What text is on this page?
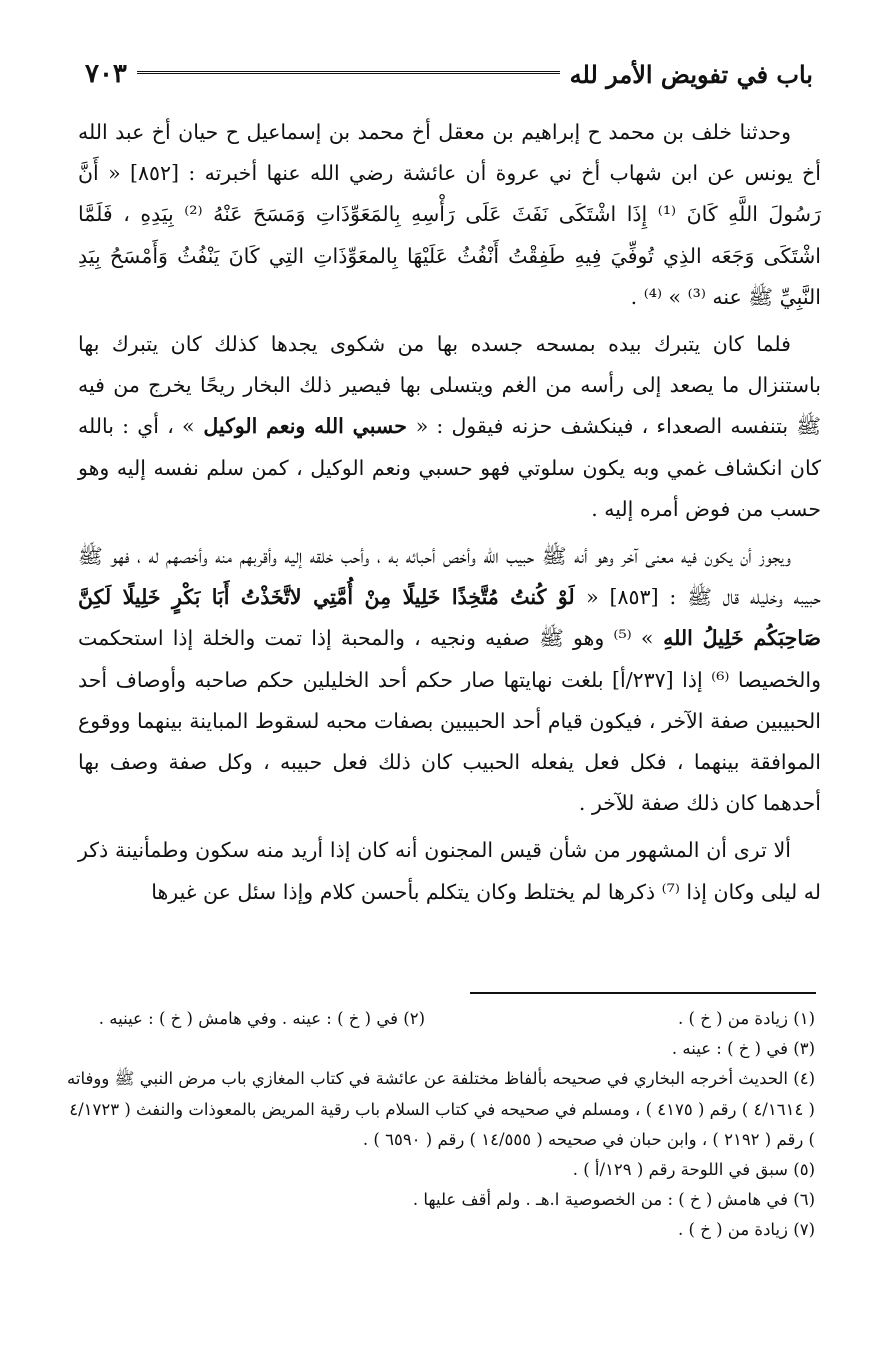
باب في تفويض الأمر لله
٧٠٣

وحدثنا خلف بن محمد ح إبراهيم بن معقل أخ محمد بن إسماعيل ح حيان أخ عبد الله أخ يونس عن ابن شهاب أخ ني عروة أن عائشة رضي الله عنها أخبرته : [٨٥٢] « أَنَّ رَسُولَ اللَّهِ كَانَ ⁽¹⁾ إِذَا اشْتَكَى نَفَثَ عَلَى رَأْسِهِ بِالمَعَوِّذَاتِ وَمَسَحَ عَنْهُ ⁽²⁾ بِيَدِهِ ، فَلَمَّا اشْتَكَى وَجَعَه الذِي تُوفِّيَ فِيهِ طَفِقْتُ أَنْفُثُ عَلَيْهَا بِالمعَوِّذَاتِ التِي كَانَ يَنْفُثُ وَأَمْسَحُ بِيَدِ النَّبِيِّ ﷺ عنه ⁽³⁾ » ⁽⁴⁾ .

فلما كان يتبرك بيده بمسحه جسده بها من شكوى يجدها كذلك كان يتبرك بها باستنزال ما يصعد إلى رأسه من الغم ويتسلى بها فيصير ذلك البخار ريحًا يخرج من فيه ﷺ بتنفسه الصعداء ، فينكشف حزنه فيقول : « حسبي الله ونعم الوكيل » ، أي : بالله كان انكشاف غمي وبه يكون سلوتي فهو حسبي ونعم الوكيل ، كمن سلم نفسه إليه وهو حسب من فوض أمره إليه .

ويجوز أن يكون فيه معنى آخر وهو أنه ﷺ حبيب الله وأخص أحبائه به ، وأحب خلقه إليه وأقربهم منه وأخصهم له ، فهو ﷺ حبيبه وخليله قال ﷺ : [٨٥٣] « لَوْ كُنتُ مُتَّخِذًا خَلِيلًا مِنْ أُمَّتِي لاتَّخَذْتُ أَبَا بَكْرٍ خَلِيلًا لَكِنَّ صَاحِبَكُم خَلِيلُ اللهِ » ⁽⁵⁾ وهو ﷺ صفيه ونجيه ، والمحبة إذا تمت والخلة إذا استحكمت والخصيصا ⁽⁶⁾ إذا [٢٣٧/أ] بلغت نهايتها صار حكم أحد الخليلين حكم صاحبه وأوصاف أحد الحبيبين صفة الآخر ، فيكون قيام أحد الحبيبين بصفات محبه لسقوط المباينة بينهما ووقوع الموافقة بينهما ، فكل فعل يفعله الحبيب كان ذلك فعل حبيبه ، وكل صفة وصف بها أحدهما كان ذلك صفة للآخر .

ألا ترى أن المشهور من شأن قيس المجنون أنه كان إذا أريد منه سكون وطمأنينة ذكر له ليلى وكان إذا ⁽⁷⁾ ذكرها لم يختلط وكان يتكلم بأحسن كلام وإذا سئل عن غيرها

(١) زيادة من ( خ ) .
(٢) في ( خ ) : عينه . وفي هامش ( خ ) : عينيه .
(٣) في ( خ ) : عينه .
(٤) الحديث أخرجه البخاري في صحيحه بألفاظ مختلفة عن عائشة في كتاب المغازي باب مرض النبي ﷺ ووفاته ( ٤/١٦١٤ ) رقم ( ٤١٧٥ ) ، ومسلم في صحيحه في كتاب السلام باب رقية المريض بالمعوذات والنفث ( ٤/١٧٢٣ ) رقم ( ٢١٩٢ ) ، وابن حبان في صحيحه ( ١٤/٥٥٥ ) رقم ( ٦٥٩٠ ) .
(٥) سبق في اللوحة رقم ( ١٢٩/أ ) .
(٦) في هامش ( خ ) : من الخصوصية ا.هـ . ولم أقف عليها .
(٧) زيادة من ( خ ) .
